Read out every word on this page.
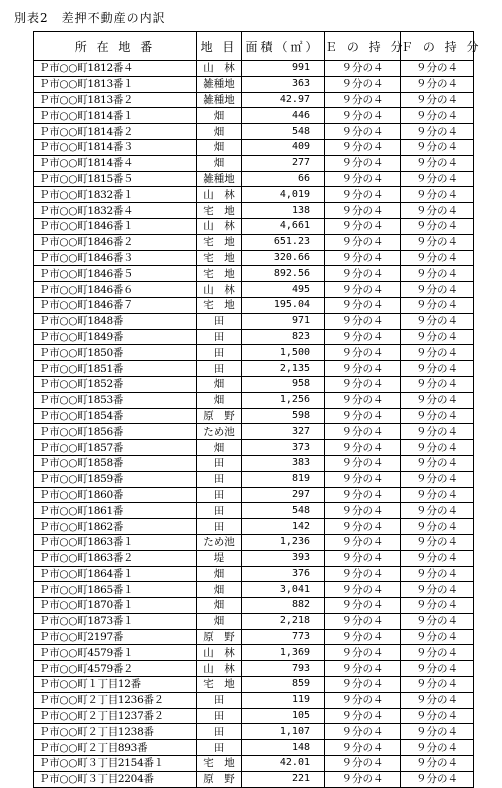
別表2　差押不動産の内訳
所 在 地 番	地 目	面積（㎡）	Ｅ の 持 分	Ｆ の 持 分
Ｐ市○○町1812番４	山　林	991	９分の４	９分の４
Ｐ市○○町1813番１	雑種地	363	９分の４	９分の４
Ｐ市○○町1813番２	雑種地	42.97	９分の４	９分の４
Ｐ市○○町1814番１	畑	446	９分の４	９分の４
Ｐ市○○町1814番２	畑	548	９分の４	９分の４
Ｐ市○○町1814番３	畑	409	９分の４	９分の４
Ｐ市○○町1814番４	畑	277	９分の４	９分の４
Ｐ市○○町1815番５	雑種地	66	９分の４	９分の４
Ｐ市○○町1832番１	山　林	4,019	９分の４	９分の４
Ｐ市○○町1832番４	宅　地	138	９分の４	９分の４
Ｐ市○○町1846番１	山　林	4,661	９分の４	９分の４
Ｐ市○○町1846番２	宅　地	651.23	９分の４	９分の４
Ｐ市○○町1846番３	宅　地	320.66	９分の４	９分の４
Ｐ市○○町1846番５	宅　地	892.56	９分の４	９分の４
Ｐ市○○町1846番６	山　林	495	９分の４	９分の４
Ｐ市○○町1846番７	宅　地	195.04	９分の４	９分の４
Ｐ市○○町1848番	田	971	９分の４	９分の４
Ｐ市○○町1849番	田	823	９分の４	９分の４
Ｐ市○○町1850番	田	1,500	９分の４	９分の４
Ｐ市○○町1851番	田	2,135	９分の４	９分の４
Ｐ市○○町1852番	畑	958	９分の４	９分の４
Ｐ市○○町1853番	畑	1,256	９分の４	９分の４
Ｐ市○○町1854番	原　野	598	９分の４	９分の４
Ｐ市○○町1856番	ため池	327	９分の４	９分の４
Ｐ市○○町1857番	畑	373	９分の４	９分の４
Ｐ市○○町1858番	田	383	９分の４	９分の４
Ｐ市○○町1859番	田	819	９分の４	９分の４
Ｐ市○○町1860番	田	297	９分の４	９分の４
Ｐ市○○町1861番	田	548	９分の４	９分の４
Ｐ市○○町1862番	田	142	９分の４	９分の４
Ｐ市○○町1863番１	ため池	1,236	９分の４	９分の４
Ｐ市○○町1863番２	堤	393	９分の４	９分の４
Ｐ市○○町1864番１	畑	376	９分の４	９分の４
Ｐ市○○町1865番１	畑	3,041	９分の４	９分の４
Ｐ市○○町1870番１	畑	882	９分の４	９分の４
Ｐ市○○町1873番１	畑	2,218	９分の４	９分の４
Ｐ市○○町2197番	原　野	773	９分の４	９分の４
Ｐ市○○町4579番１	山　林	1,369	９分の４	９分の４
Ｐ市○○町4579番２	山　林	793	９分の４	９分の４
Ｐ市○○町１丁目12番	宅　地	859	９分の４	９分の４
Ｐ市○○町２丁目1236番２	田	119	９分の４	９分の４
Ｐ市○○町２丁目1237番２	田	105	９分の４	９分の４
Ｐ市○○町２丁目1238番	田	1,107	９分の４	９分の４
Ｐ市○○町２丁目893番	田	148	９分の４	９分の４
Ｐ市○○町３丁目2154番１	宅　地	42.01	９分の４	９分の４
Ｐ市○○町３丁目2204番	原　野	221	９分の４	９分の４
